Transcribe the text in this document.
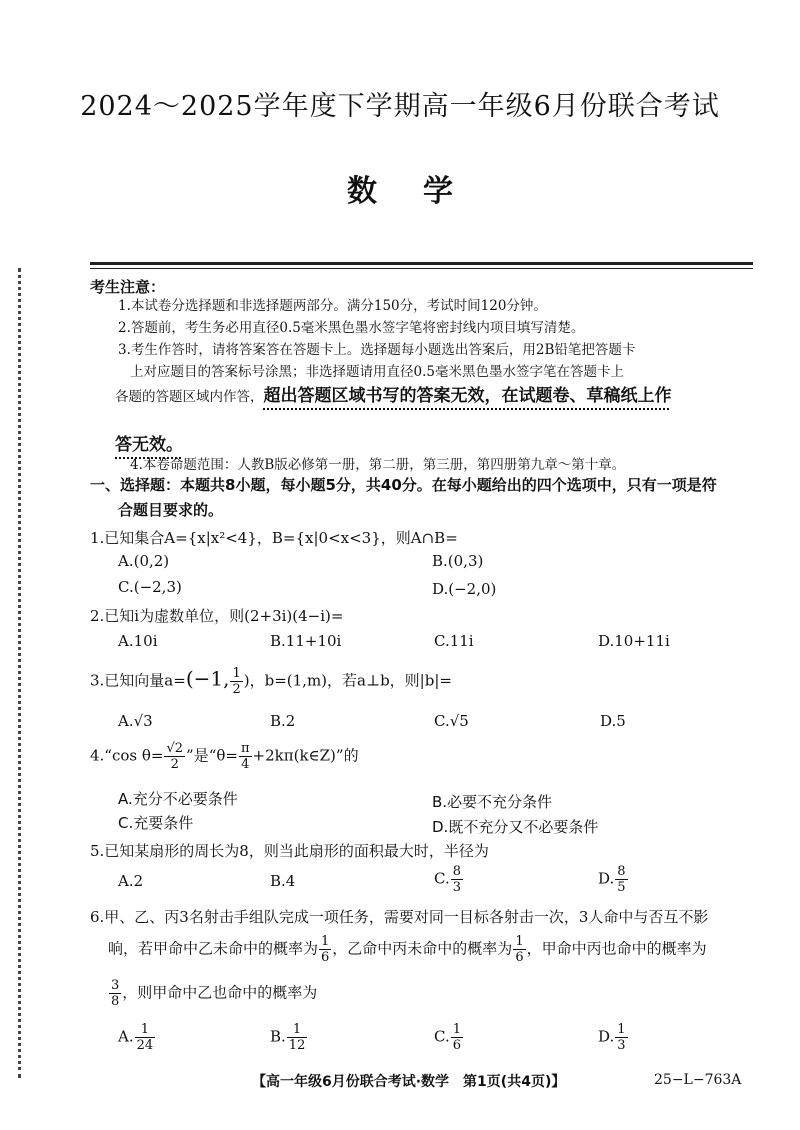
2024～2025学年度下学期高一年级6月份联合考试
数学
考生注意：
1.本试卷分选择题和非选择题两部分。满分150分，考试时间120分钟。
2.答题前，考生务必用直径0.5毫米黑色墨水签字笔将密封线内项目填写清楚。
3.考生作答时，请将答案答在答题卡上。选择题每小题选出答案后，用2B铅笔把答题卡
上对应题目的答案标号涂黑；非选择题请用直径0.5毫米黑色墨水签字笔在答题卡上
各题的答题区域内作答，超出答题区域书写的答案无效，在试题卷、草稿纸上作
答无效。
4.本卷命题范围：人教B版必修第一册，第二册，第三册，第四册第九章～第十章。
一、选择题：本题共8小题，每小题5分，共40分。在每小题给出的四个选项中，只有一项是符
合题目要求的。
1.已知集合A={x|x²<4}，B={x|0<x<3}，则A∩B=
A.(0,2)	B.(0,3)
C.(−2,3)	D.(−2,0)
2.已知i为虚数单位，则(2+3i)(4−i)=
A.10i	B.11+10i	C.11i	D.10+11i
3.已知向量a=(−1, $\frac{1}{2}$ )，b=(1,m)，若a⊥b，则|b|=
A.√3	B.2	C.√5	D.5
4.“cos $\theta= \frac{√2}{2}$ ”是“$\theta= \frac{\pi}{4}$ +2kπ(k∈Z)”的
A.充分不必要条件	B.必要不充分条件
C.充要条件	D.既不充分又不必要条件
5.已知某扇形的周长为8，则当此扇形的面积最大时，半径为
A.2	B.4	C. $\frac{8}{3}$	D. $\frac{8}{5}$
6.甲、乙、丙3名射击手组队完成一项任务，需要对同一目标各射击一次，3人命中与否互不影
响，若甲命中乙未命中的概率为 $\frac{1}{6}$ ，乙命中丙未命中的概率为 $\frac{1}{6}$ ，甲命中丙也命中的概率为
$\frac{3}{8}$ ，则甲命中乙也命中的概率为
A. $\frac{1}{24}$	B. $\frac{1}{12}$	C. $\frac{1}{6}$	D. $\frac{1}{3}$
【高一年级6月份联合考试·数学　第1页(共4页)】	25−L−763A
